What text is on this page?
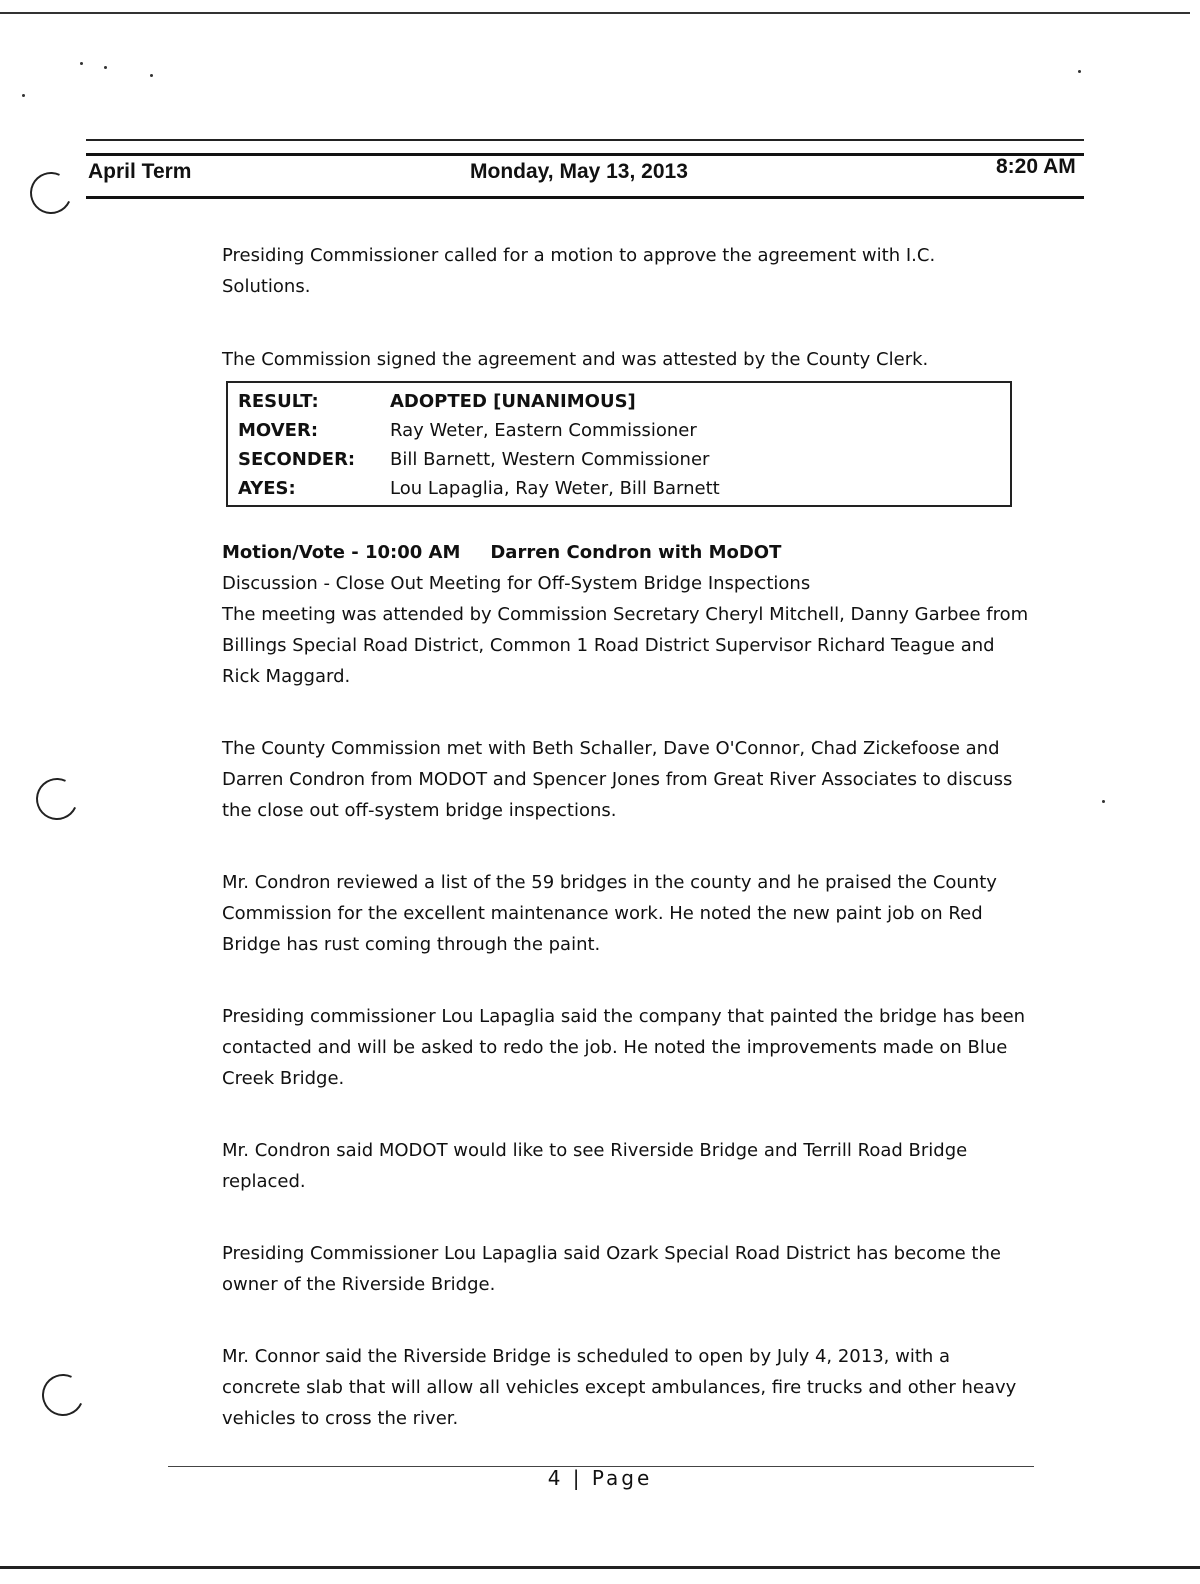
April Term	Monday, May 13, 2013	8:20 AM

Presiding Commissioner called for a motion to approve the agreement with I.C. Solutions.

The Commission signed the agreement and was attested by the County Clerk.

RESULT:	ADOPTED [UNANIMOUS]
MOVER:	Ray Weter, Eastern Commissioner
SECONDER:	Bill Barnett, Western Commissioner
AYES:	Lou Lapaglia, Ray Weter, Bill Barnett
Motion/Vote - 10:00 AM Darren Condron with MoDOT

Discussion - Close Out Meeting for Off-System Bridge Inspections

The meeting was attended by Commission Secretary Cheryl Mitchell, Danny Garbee from Billings Special Road District, Common 1 Road District Supervisor Richard Teague and Rick Maggard.

The County Commission met with Beth Schaller, Dave O'Connor, Chad Zickefoose and Darren Condron from MODOT and Spencer Jones from Great River Associates to discuss the close out off-system bridge inspections.

Mr. Condron reviewed a list of the 59 bridges in the county and he praised the County Commission for the excellent maintenance work. He noted the new paint job on Red Bridge has rust coming through the paint.

Presiding commissioner Lou Lapaglia said the company that painted the bridge has been contacted and will be asked to redo the job. He noted the improvements made on Blue Creek Bridge.

Mr. Condron said MODOT would like to see Riverside Bridge and Terrill Road Bridge replaced.

Presiding Commissioner Lou Lapaglia said Ozark Special Road District has become the owner of the Riverside Bridge.

Mr. Connor said the Riverside Bridge is scheduled to open by July 4, 2013, with a concrete slab that will allow all vehicles except ambulances, fire trucks and other heavy vehicles to cross the river.

4 | Page
